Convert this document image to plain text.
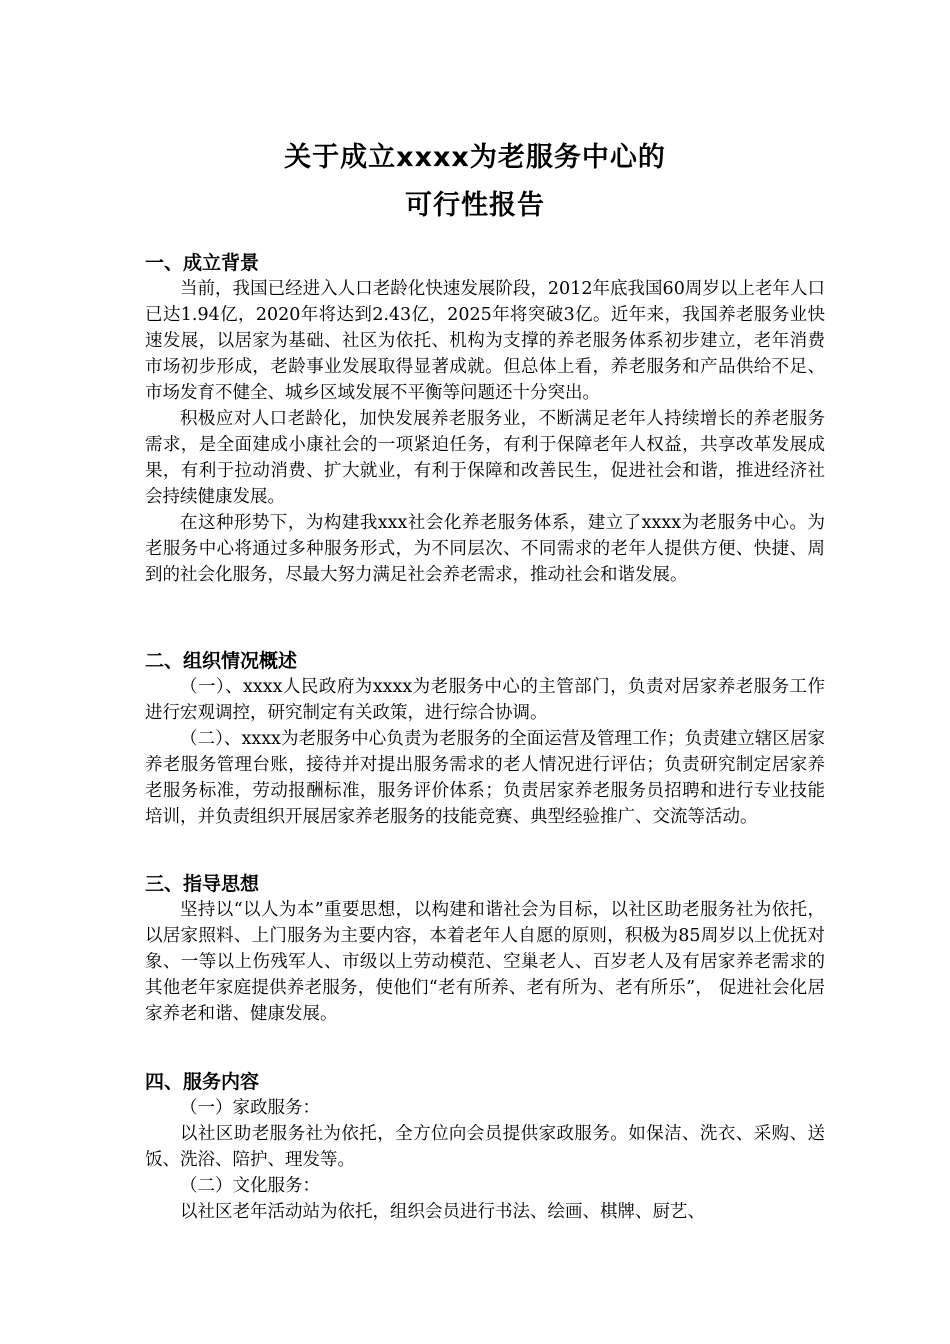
关于成立xxxx为老服务中心的
可行性报告
一、成立背景

当前，我国已经进入人口老龄化快速发展阶段，2012年底我国60周岁以上老年人口已达1.94亿，2020年将达到2.43亿，2025年将突破3亿。近年来，我国养老服务业快速发展，以居家为基础、社区为依托、机构为支撑的养老服务体系初步建立，老年消费市场初步形成，老龄事业发展取得显著成就。但总体上看，养老服务和产品供给不足、市场发育不健全、城乡区域发展不平衡等问题还十分突出。

积极应对人口老龄化，加快发展养老服务业，不断满足老年人持续增长的养老服务需求，是全面建成小康社会的一项紧迫任务，有利于保障老年人权益，共享改革发展成果，有利于拉动消费、扩大就业，有利于保障和改善民生，促进社会和谐，推进经济社会持续健康发展。

在这种形势下，为构建我xxx社会化养老服务体系，建立了xxxx为老服务中心。为老服务中心将通过多种服务形式，为不同层次、不同需求的老年人提供方便、快捷、周到的社会化服务，尽最大努力满足社会养老需求，推动社会和谐发展。

二、组织情况概述

（一）、xxxx人民政府为xxxx为老服务中心的主管部门，负责对居家养老服务工作进行宏观调控，研究制定有关政策，进行综合协调。

（二）、xxxx为老服务中心负责为老服务的全面运营及管理工作；负责建立辖区居家养老服务管理台账，接待并对提出服务需求的老人情况进行评估；负责研究制定居家养老服务标准，劳动报酬标准，服务评价体系；负责居家养老服务员招聘和进行专业技能培训，并负责组织开展居家养老服务的技能竞赛、典型经验推广、交流等活动。

三、指导思想

坚持以“以人为本”重要思想，以构建和谐社会为目标，以社区助老服务社为依托，以居家照料、上门服务为主要内容，本着老年人自愿的原则，积极为85周岁以上优抚对象、一等以上伤残军人、市级以上劳动模范、空巢老人、百岁老人及有居家养老需求的其他老年家庭提供养老服务，使他们“老有所养、老有所为、老有所乐”， 促进社会化居家养老和谐、健康发展。

四、服务内容

（一）家政服务：

以社区助老服务社为依托，全方位向会员提供家政服务。如保洁、洗衣、采购、送饭、洗浴、陪护、理发等。

（二）文化服务：

以社区老年活动站为依托，组织会员进行书法、绘画、棋牌、厨艺、
